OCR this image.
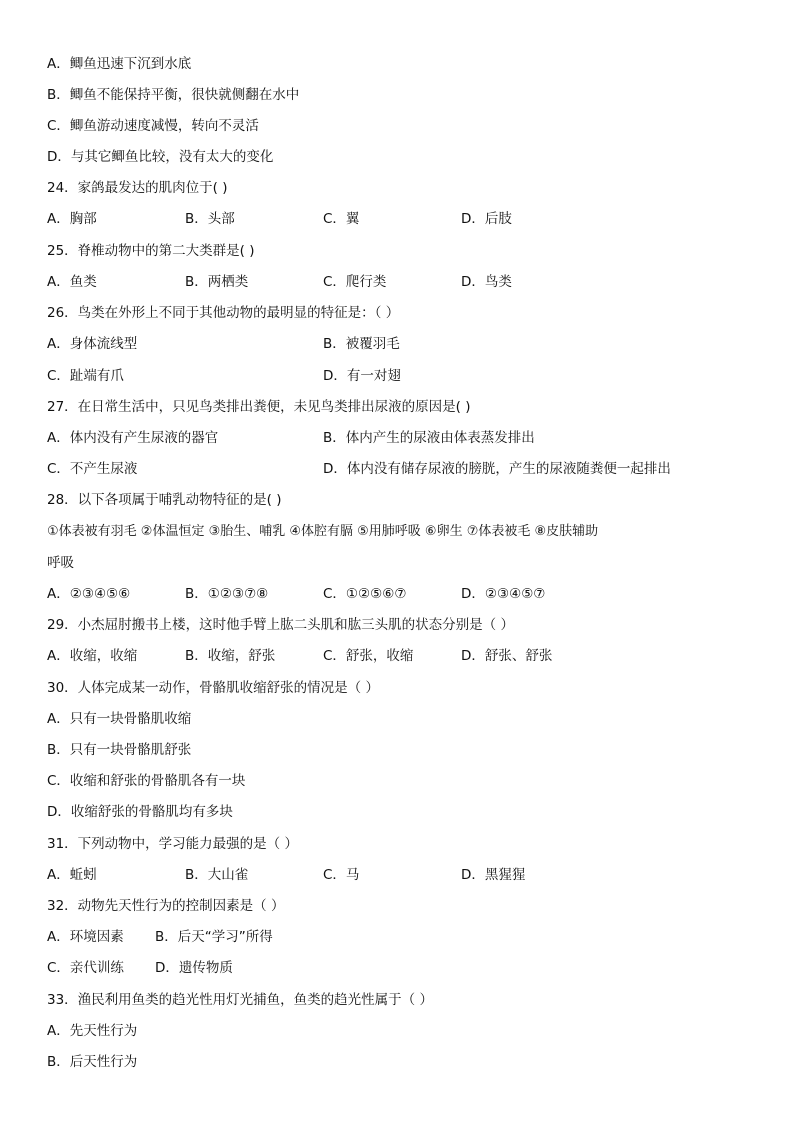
A．鲫鱼迅速下沉到水底
B．鲫鱼不能保持平衡，很快就侧翻在水中
C．鲫鱼游动速度减慢，转向不灵活
D．与其它鲫鱼比较，没有太大的变化
24．家鸽最发达的肌肉位于( )
A．胸部	B．头部	C．翼	D．后肢
25．脊椎动物中的第二大类群是( )
A．鱼类	B．两栖类	C．爬行类	D．鸟类
26．鸟类在外形上不同于其他动物的最明显的特征是：（ ）
A．身体流线型	B．被覆羽毛
C．趾端有爪	D．有一对翅
27．在日常生活中，只见鸟类排出粪便，未见鸟类排出尿液的原因是( )
A．体内没有产生尿液的器官	B．体内产生的尿液由体表蒸发排出
C．不产生尿液	D．体内没有储存尿液的膀胱，产生的尿液随粪便一起排出
28．以下各项属于哺乳动物特征的是( )
①体表被有羽毛 ②体温恒定 ③胎生、哺乳 ④体腔有膈 ⑤用肺呼吸 ⑥卵生 ⑦体表被毛 ⑧皮肤辅助
呼吸
A．②③④⑤⑥	B．①②③⑦⑧	C．①②⑤⑥⑦	D．②③④⑤⑦
29．小杰屈肘搬书上楼，这时他手臂上肱二头肌和肱三头肌的状态分别是（ ）
A．收缩，收缩	B．收缩，舒张	C．舒张，收缩	D．舒张、舒张
30．人体完成某一动作，骨骼肌收缩舒张的情况是（ ）
A．只有一块骨骼肌收缩
B．只有一块骨骼肌舒张
C．收缩和舒张的骨骼肌各有一块
D．收缩舒张的骨骼肌均有多块
31．下列动物中，学习能力最强的是（ ）
A．蚯蚓	B．大山雀	C．马	D．黑猩猩
32．动物先天性行为的控制因素是（ ）
A．环境因素 B．后天“学习”所得
C．亲代训练 D．遗传物质
33．渔民利用鱼类的趋光性用灯光捕鱼，鱼类的趋光性属于（ ）
A．先天性行为
B．后天性行为
